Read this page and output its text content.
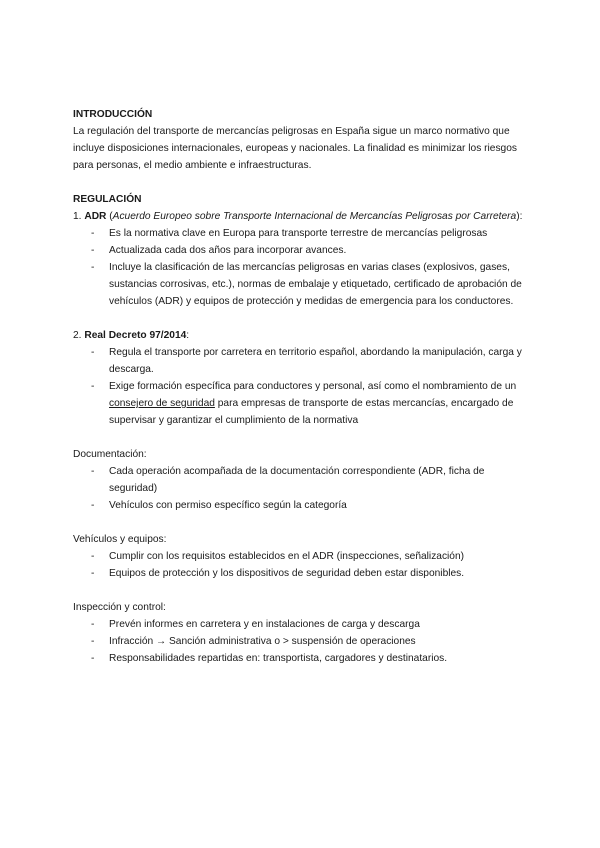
INTRODUCCIÓN

La regulación del transporte de mercancías peligrosas en España sigue un marco normativo que incluye disposiciones internacionales, europeas y nacionales. La finalidad es minimizar los riesgos para personas, el medio ambiente e infraestructuras.

REGULACIÓN

1. ADR (Acuerdo Europeo sobre Transporte Internacional de Mercancías Peligrosas por Carretera):

- Es la normativa clave en Europa para transporte terrestre de mercancías peligrosas
- Actualizada cada dos años para incorporar avances.
- Incluye la clasificación de las mercancías peligrosas en varias clases (explosivos, gases, sustancias corrosivas, etc.), normas de embalaje y etiquetado, certificado de aprobación de vehículos (ADR) y equipos de protección y medidas de emergencia para los conductores.

2. Real Decreto 97/2014:

- Regula el transporte por carretera en territorio español, abordando la manipulación, carga y descarga.
- Exige formación específica para conductores y personal, así como el nombramiento de un consejero de seguridad para empresas de transporte de estas mercancías, encargado de supervisar y garantizar el cumplimiento de la normativa

Documentación:

- Cada operación acompañada de la documentación correspondiente (ADR, ficha de seguridad)
- Vehículos con permiso específico según la categoría

Vehículos y equipos:

- Cumplir con los requisitos establecidos en el ADR (inspecciones, señalización)
- Equipos de protección y los dispositivos de seguridad deben estar disponibles.

Inspección y control:

- Prevén informes en carretera y en instalaciones de carga y descarga
- Infracción → Sanción administrativa o > suspensión de operaciones
- Responsabilidades repartidas en: transportista, cargadores y destinatarios.
